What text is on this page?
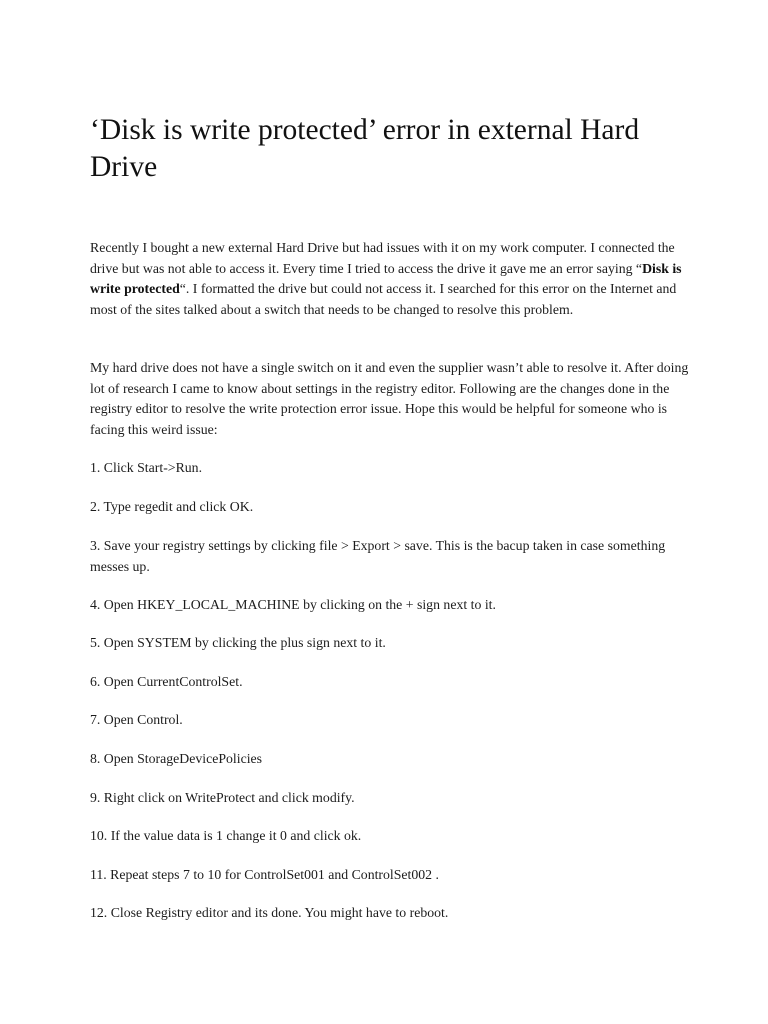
‘Disk is write protected’ error in external Hard Drive

Recently I bought a new external Hard Drive but had issues with it on my work computer. I connected the drive but was not able to access it. Every time I tried to access the drive it gave me an error saying “Disk is write protected“. I formatted the drive but could not access it. I searched for this error on the Internet and most of the sites talked about a switch that needs to be changed to resolve this problem.

My hard drive does not have a single switch on it and even the supplier wasn’t able to resolve it. After doing lot of research I came to know about settings in the registry editor. Following are the changes done in the registry editor to resolve the write protection error issue. Hope this would be helpful for someone who is facing this weird issue:

1. Click Start->Run.

2. Type regedit and click OK.

3. Save your registry settings by clicking file > Export > save. This is the bacup taken in case something messes up.

4. Open HKEY_LOCAL_MACHINE by clicking on the + sign next to it.

5. Open SYSTEM by clicking the plus sign next to it.

6. Open CurrentControlSet.

7. Open Control.

8. Open StorageDevicePolicies

9. Right click on WriteProtect and click modify.

10. If the value data is 1 change it 0 and click ok.

11. Repeat steps 7 to 10 for ControlSet001 and ControlSet002 .

12. Close Registry editor and its done. You might have to reboot.
